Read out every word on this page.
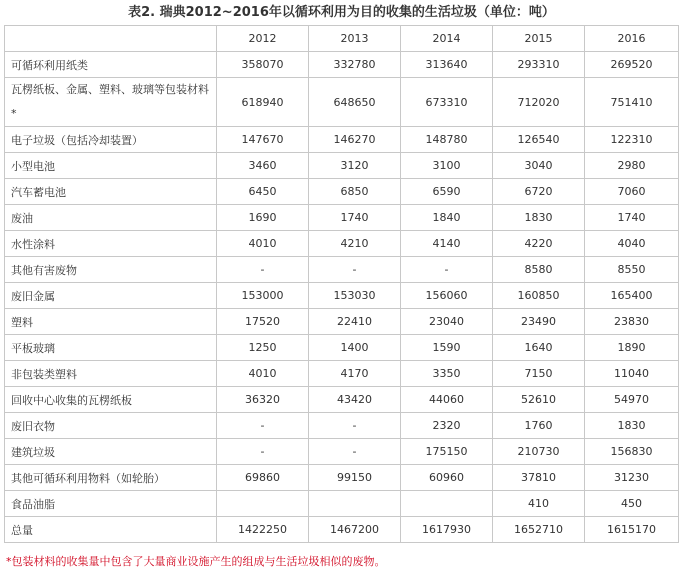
表2. 瑞典2012~2016年以循环利用为目的收集的生活垃圾（单位：吨）
	2012	2013	2014	2015	2016
可循环利用纸类	358070	332780	313640	293310	269520
瓦楞纸板、金属、塑料、玻璃等包装材料*	618940	648650	673310	712020	751410
电子垃圾（包括冷却装置）	147670	146270	148780	126540	122310
小型电池	3460	3120	3100	3040	2980
汽车蓄电池	6450	6850	6590	6720	7060
废油	1690	1740	1840	1830	1740
水性涂料	4010	4210	4140	4220	4040
其他有害废物	-	-	-	8580	8550
废旧金属	153000	153030	156060	160850	165400
塑料	17520	22410	23040	23490	23830
平板玻璃	1250	1400	1590	1640	1890
非包装类塑料	4010	4170	3350	7150	11040
回收中心收集的瓦楞纸板	36320	43420	44060	52610	54970
废旧衣物	-	-	2320	1760	1830
建筑垃圾	-	-	175150	210730	156830
其他可循环利用物料（如轮胎）	69860	99150	60960	37810	31230
食品油脂				410	450
总量	1422250	1467200	1617930	1652710	1615170
*包装材料的收集量中包含了大量商业设施产生的组成与生活垃圾相似的废物。
